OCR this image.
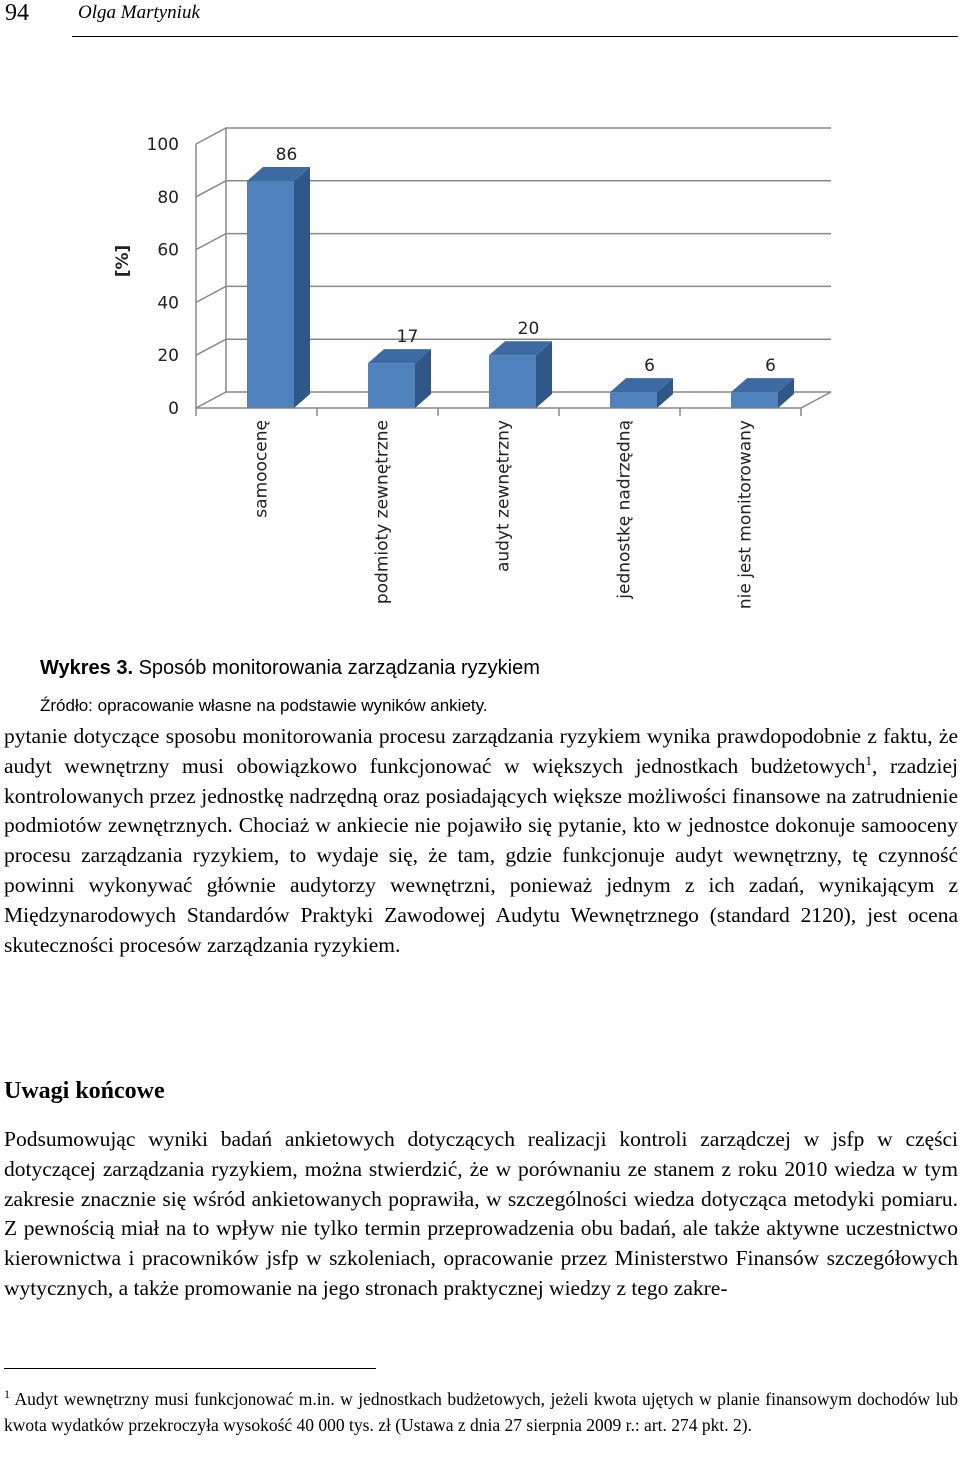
94	Olga Martyniuk
0
20
40
60
80
100	86
17	20
6	6
samoocenę	podmioty zewnętrzne	audyt zewnętrzny	jednostkę nadrzędną	nie jest monitorowany
[%]
Wykres 3. Sposób monitorowania zarządzania ryzykiem
Źródło: opracowanie własne na podstawie wyników ankiety.
pytanie dotyczące sposobu monitorowania procesu zarządzania ryzykiem wynika prawdopodobnie z faktu, że audyt wewnętrzny musi obowiązkowo funkcjonować w większych jednostkach budżetowych$^1$, rzadziej kontrolowanych przez jednostkę nadrzędną oraz posiadających większe możliwości finansowe na zatrudnienie podmiotów zewnętrznych. Chociaż w ankiecie nie pojawiło się pytanie, kto w jednostce dokonuje samooceny procesu zarządzania ryzykiem, to wydaje się, że tam, gdzie funkcjonuje audyt wewnętrzny, tę czynność powinni wykonywać głównie audytorzy wewnętrzni, ponieważ jednym z ich zadań, wynikającym z Międzynarodowych Standardów Praktyki Zawodowej Audytu Wewnętrznego (standard 2120), jest ocena skuteczności procesów zarządzania ryzykiem.
Uwagi końcowe
Podsumowując wyniki badań ankietowych dotyczących realizacji kontroli zarządczej w jsfp w części dotyczącej zarządzania ryzykiem, można stwierdzić, że w porównaniu ze stanem z roku 2010 wiedza w tym zakresie znacznie się wśród ankietowanych poprawiła, w szczególności wiedza dotycząca metodyki pomiaru. Z pewnością miał na to wpływ nie tylko termin przeprowadzenia obu badań, ale także aktywne uczestnictwo kierownictwa i pracowników jsfp w szkoleniach, opracowanie przez Ministerstwo Finansów szczegółowych wytycznych, a także promowanie na jego stronach praktycznej wiedzy z tego zakre-
$^1$ Audyt wewnętrzny musi funkcjonować m.in. w jednostkach budżetowych, jeżeli kwota ujętych w planie finansowym dochodów lub kwota wydatków przekroczyła wysokość 40 000 tys. zł (Ustawa z dnia 27 sierpnia 2009 r.: art. 274 pkt. 2).
